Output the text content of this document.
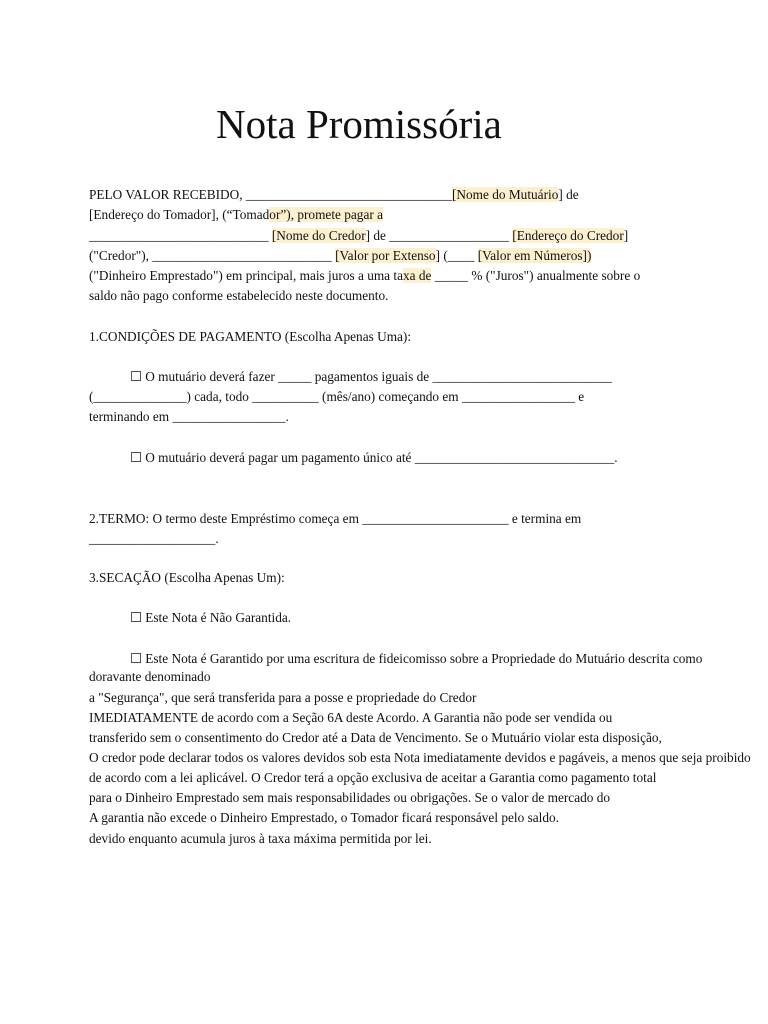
Nota Promissória
PELO VALOR RECEBIDO, _______________________________[Nome do Mutuário] de
[Endereço do Tomador], (“Tomador”), promete pagar a
___________________________ [Nome do Credor] de __________________ [Endereço do Credor]
("Credor"), ___________________________ [Valor por Extenso] (____ [Valor em Números])
("Dinheiro Emprestado") em principal, mais juros a uma taxa de _____ % ("Juros") anualmente sobre o
saldo não pago conforme estabelecido neste documento.
1.CONDIÇÕES DE PAGAMENTO (Escolha Apenas Uma):
☐ O mutuário deverá fazer _____ pagamentos iguais de ___________________________
(______________) cada, todo __________ (mês/ano) começando em _________________ e
terminando em _________________.
☐ O mutuário deverá pagar um pagamento único até ______________________________.
2.TERMO: O termo deste Empréstimo começa em ______________________ e termina em
___________________.
3.SECAÇÃO (Escolha Apenas Um):
☐ Este Nota é Não Garantida.
☐ Este Nota é Garantido por uma escritura de fideicomisso sobre a Propriedade do Mutuário descrita como
doravante denominado
a "Segurança", que será transferida para a posse e propriedade do Credor
IMEDIATAMENTE de acordo com a Seção 6A deste Acordo. A Garantia não pode ser vendida ou
transferido sem o consentimento do Credor até a Data de Vencimento. Se o Mutuário violar esta disposição,
O credor pode declarar todos os valores devidos sob esta Nota imediatamente devidos e pagáveis, a menos que seja proibido
de acordo com a lei aplicável. O Credor terá a opção exclusiva de aceitar a Garantia como pagamento total
para o Dinheiro Emprestado sem mais responsabilidades ou obrigações. Se o valor de mercado do
A garantia não excede o Dinheiro Emprestado, o Tomador ficará responsável pelo saldo.
devido enquanto acumula juros à taxa máxima permitida por lei.
